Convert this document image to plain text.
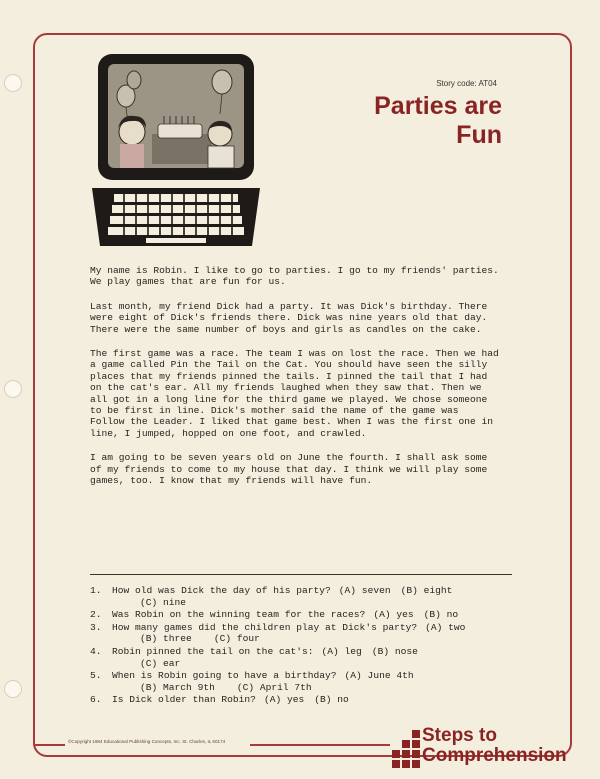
Story code: AT04
Parties are
Fun

My name is Robin. I like to go to parties. I go to my friends' parties.
We play games that are fun for us.

Last month, my friend Dick had a party. It was Dick's birthday. There
were eight of Dick's friends there. Dick was nine years old that day.
There were the same number of boys and girls as candles on the cake.

The first game was a race. The team I was on lost the race. Then we had
a game called Pin the Tail on the Cat. You should have seen the silly
places that my friends pinned the tails. I pinned the tail that I had
on the cat's ear. All my friends laughed when they saw that. Then we
all got in a long line for the third game we played. We chose someone
to be first in line. Dick's mother said the name of the game was
Follow the Leader. I liked that game best. When I was the first one in
line, I jumped, hopped on one foot, and crawled.

I am going to be seven years old on June the fourth. I shall ask some
of my friends to come to my house that day. I think we will play some
games, too. I know that my friends will have fun.

1.	How old was Dick the day of his party? (A) seven (B) eight
(C) nine
2.	Was Robin on the winning team for the races? (A) yes (B) no
3.	How many games did the children play at Dick's party? (A) two
(B) three (C) four
4.	Robin pinned the tail on the cat's: (A) leg (B) nose
(C) ear
5.	When is Robin going to have a birthday? (A) June 4th
(B) March 9th (C) April 7th
6.	Is Dick older than Robin? (A) yes (B) no
©Copyright 1984 Educational Publishing Concepts, Inc. St. Charles, IL 60174	Steps to
Comprehension
